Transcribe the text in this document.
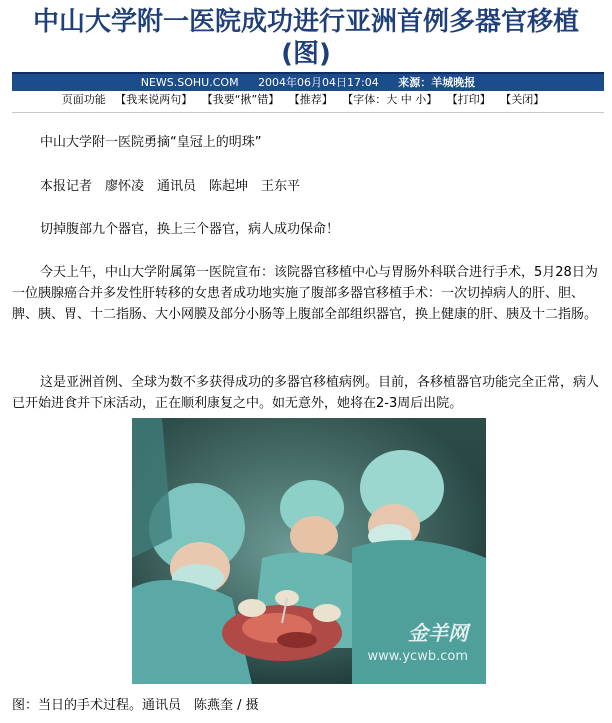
中山大学附一医院成功进行亚洲首例多器官移植
(图)
NEWS.SOHU.COM 2004年06月04日17:04 来源：羊城晚报
页面功能 【我来说两句】 【我要“揪”错】 【推荐】 【字体：大 中 小】 【打印】 【关闭】
中山大学附一医院勇摘“皇冠上的明珠”
本报记者　廖怀凌　通讯员　陈起坤　王东平
切掉腹部九个器官，换上三个器官，病人成功保命！
今天上午，中山大学附属第一医院宣布：该院器官移植中心与胃肠外科联合进行手术，5月28日为一位胰腺癌合并多发性肝转移的女患者成功地实施了腹部多器官移植手术：一次切掉病人的肝、胆、脾、胰、胃、十二指肠、大小网膜及部分小肠等上腹部全部组织器官，换上健康的肝、胰及十二指肠。
这是亚洲首例、全球为数不多获得成功的多器官移植病例。目前，各移植器官功能完全正常，病人已开始进食并下床活动，正在顺利康复之中。如无意外，她将在2-3周后出院。
金羊网
www.ycwb.com
图：当日的手术过程。通讯员　陈燕奎 / 摄
